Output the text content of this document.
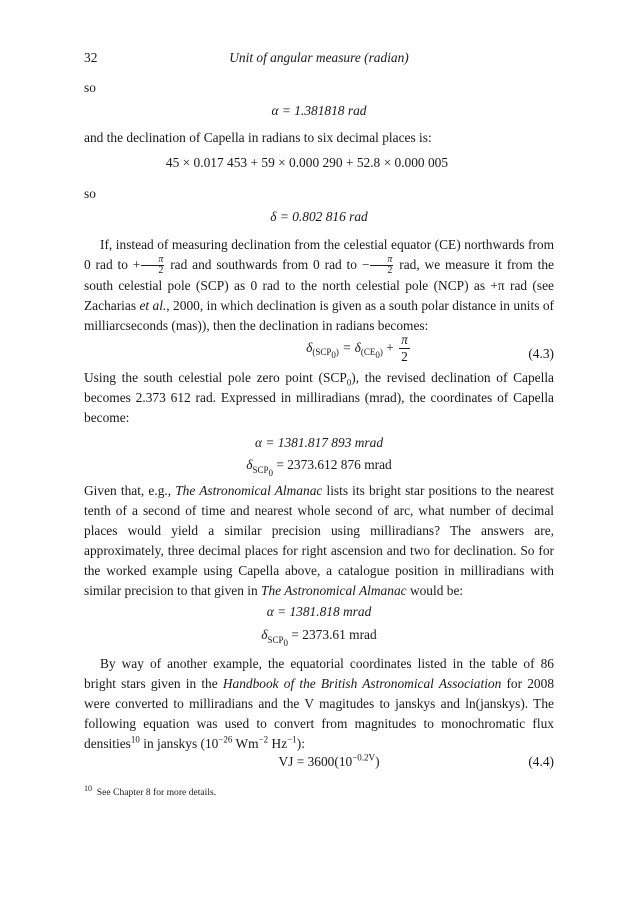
32	Unit of angular measure (radian)
so
α = 1.381818 rad
and the declination of Capella in radians to six decimal places is:
45 × 0.017 453 + 59 × 0.000 290 + 52.8 × 0.000 005
so
δ = 0.802 816 rad
If, instead of measuring declination from the celestial equator (CE) northwards from 0 rad to + $\frac{\pi}{2}$ rad and southwards from 0 rad to − $\frac{\pi}{2}$ rad, we measure it from the south celestial pole (SCP) as 0 rad to the north celestial pole (NCP) as +π rad (see Zacharias et al., 2000, in which declination is given as a south polar distance in units of milliarcseconds (mas)), then the declination in radians becomes:
$\delta_{(SCP_0)} = \delta_{(CE_0)} + \frac{\pi}{2}$	(4.3)
Using the south celestial pole zero point $(SCP_0)$, the revised declination of Capella becomes 2.373 612 rad. Expressed in milliradians (mrad), the coordinates of Capella become:
α = 1381.817 893 mrad
$\delta_{SCP_0} = 2373.612$ 876 mrad
Given that, e.g., The Astronomical Almanac lists its bright star positions to the nearest tenth of a second of time and nearest whole second of arc, what number of decimal places would yield a similar precision using milliradians? The answers are, approximately, three decimal places for right ascension and two for declination. So for the worked example using Capella above, a catalogue position in milliradians with similar precision to that given in The Astronomical Almanac would be:
α = 1381.818 mrad
$\delta_{SCP_0} = 2373.61$ mrad
By way of another example, the equatorial coordinates listed in the table of 86 bright stars given in the Handbook of the British Astronomical Association for 2008 were converted to milliradians and the V magitudes to janskys and ln(janskys). The following equation was used to convert from magnitudes to monochromatic flux densities$^{10}$ in janskys ($10^{-26}$ $Wm^{-2}$ $Hz^{-1}$):
VJ = $3600(10^{-0.2V})$	(4.4)
$^{10}$ See Chapter 8 for more details.
